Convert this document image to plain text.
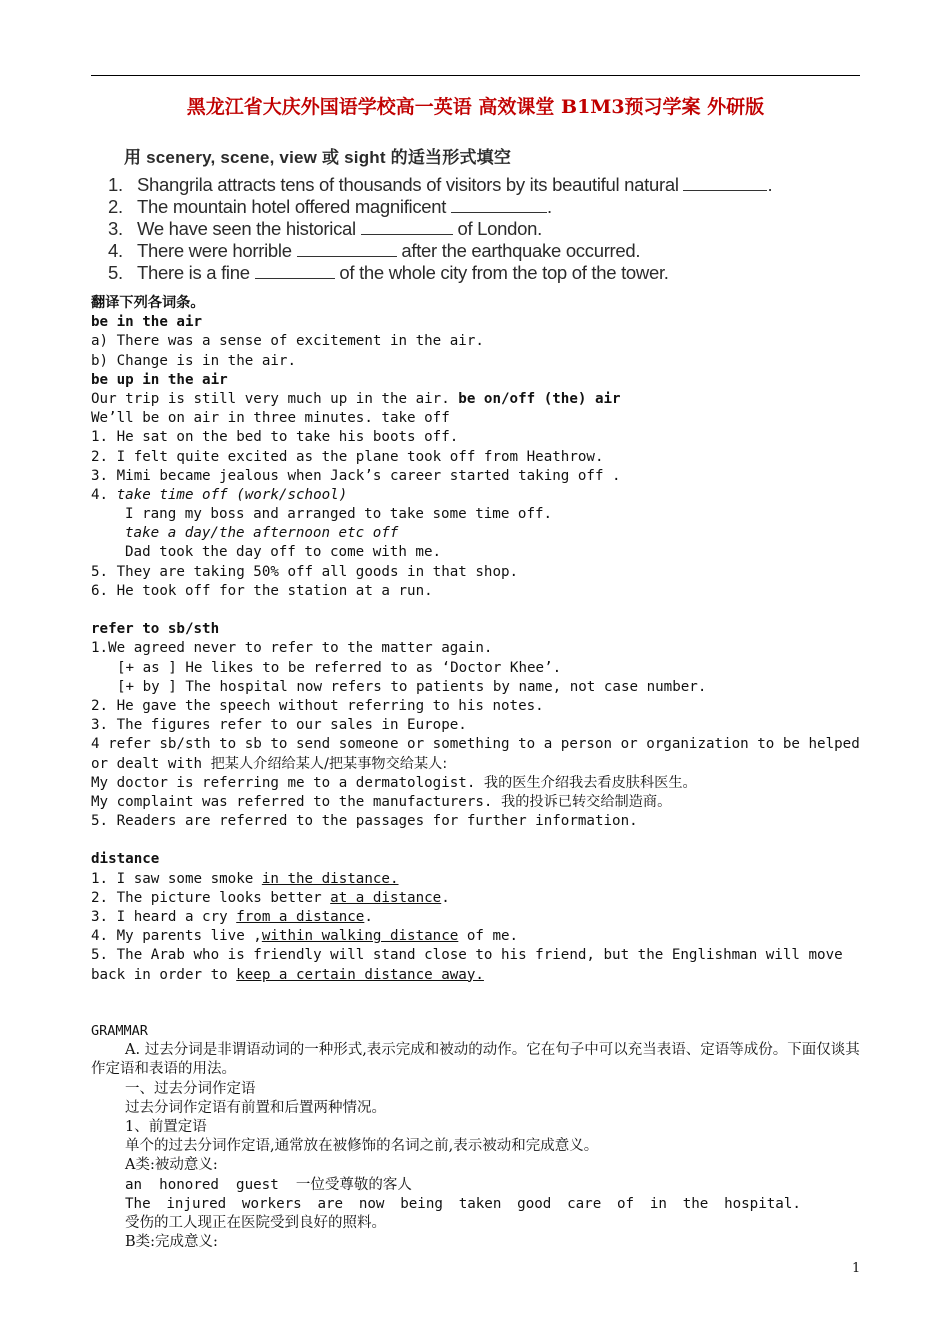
黑龙江省大庆外国语学校高一英语 高效课堂 B1M3预习学案 外研版
用 scenery, scene, view 或 sight 的适当形式填空
1. Shangrila attracts tens of thousands of visitors by its beautiful natural	.
2. The mountain hotel offered magnificent	.
3. We have seen the historical	of London.
4. There were horrible	after the earthquake occurred.
5. There is a fine	of the whole city from the top of the tower.
翻译下列各词条。
be in the air
a) There was a sense of excitement in the air.
b) Change is in the air.
be up in the air
Our trip is still very much up in the air. be on/off (the) air
We’ll be on air in three minutes. take off
1. He sat on the bed to take his boots off.
2. I felt quite excited as the plane took off from Heathrow.
3. Mimi became jealous when Jack’s career started taking off .
4. take time off (work/school)
I rang my boss and arranged to take some time off.
take a day/the afternoon etc off
Dad took the day off to come with me.
5. They are taking 50% off all goods in that shop.
6. He took off for the station at a run.
refer to sb/sth
1.We agreed never to refer to the matter again.
[+ as ] He likes to be referred to as ‘Doctor Khee’.
[+ by ] The hospital now refers to patients by name, not case number.
2. He gave the speech without referring to his notes.
3. The figures refer to our sales in Europe.
4 refer sb/sth to sb to send someone or something to a person or organization to be helped or dealt with 把某人介绍给某人/把某事物交给某人:
My doctor is referring me to a dermatologist. 我的医生介绍我去看皮肤科医生。
My complaint was referred to the manufacturers. 我的投诉已转交给制造商。
5. Readers are referred to the passages for further information.
distance
1. I saw some smoke in the distance.
2. The picture looks better at a distance.
3. I heard a cry from a distance.
4. My parents live ,within walking distance of me.
5. The Arab who is friendly will stand close to his friend, but the Englishman will move back in order to keep a certain distance away.
GRAMMAR
A. 过去分词是非谓语动词的一种形式,表示完成和被动的动作。它在句子中可以充当表语、定语等成份。下面仅谈其作定语和表语的用法。
一、过去分词作定语
过去分词作定语有前置和后置两种情况。
1、前置定语
单个的过去分词作定语,通常放在被修饰的名词之前,表示被动和完成意义。
A类:被动意义:
an  honored  guest  一位受尊敬的客人
The injured workers are now being taken good care of in the hospital.
受伤的工人现正在医院受到良好的照料。
B类:完成意义:
1
